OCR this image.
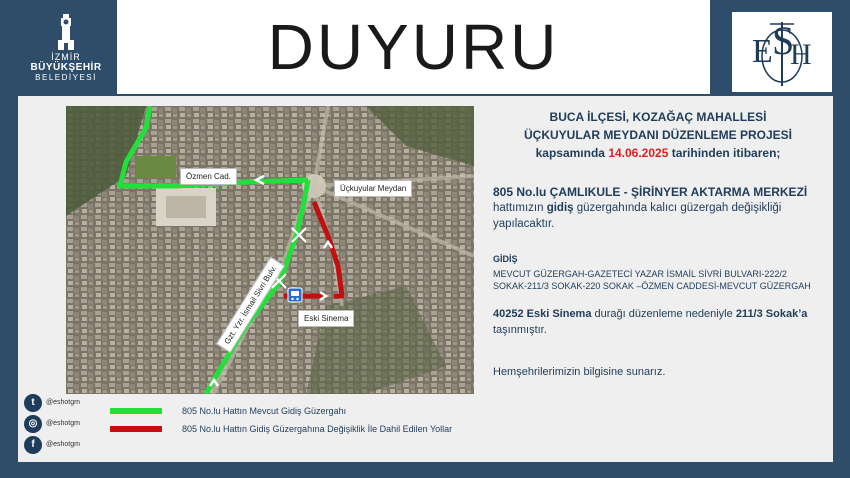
İZMİR
BÜYÜKŞEHİR
BELEDİYESİ	DUYURU	E S
H
Özmen Cad.
Üçkuyular Meydan
Eski Sinema
Gzt. Yzr. İsmail Sivri Bulv.
BUCA İLÇESİ, KOZAĞAÇ MAHALLESİ
ÜÇKUYULAR MEYDANI DÜZENLEME PROJESİ
kapsamında 14.06.2025 tarihinden itibaren;
805 No.lu ÇAMLIKULE - ŞİRİNYER AKTARMA MERKEZİ
hattımızın gidiş güzergahında kalıcı güzergah değişikliği yapılacaktır.
GİDİŞ
MEVCUT GÜZERGAH-GAZETECİ YAZAR İSMAİL SİVRİ BULVARI-222/2 SOKAK-211/3 SOKAK-220 SOKAK –ÖZMEN CADDESİ-MEVCUT GÜZERGAH
40252 Eski Sinema durağı düzenleme nedeniyle 211/3 Sokak’a taşınmıştır.
Hemşehrilerimizin bilgisine sunarız.
t	@eshotgm
◎	@eshotgm
f	@eshotgm
805 No.lu Hattın Mevcut Gidiş Güzergahı
805 No.lu Hattın Gidiş Güzergahına Değişiklik İle Dahil Edilen Yollar
